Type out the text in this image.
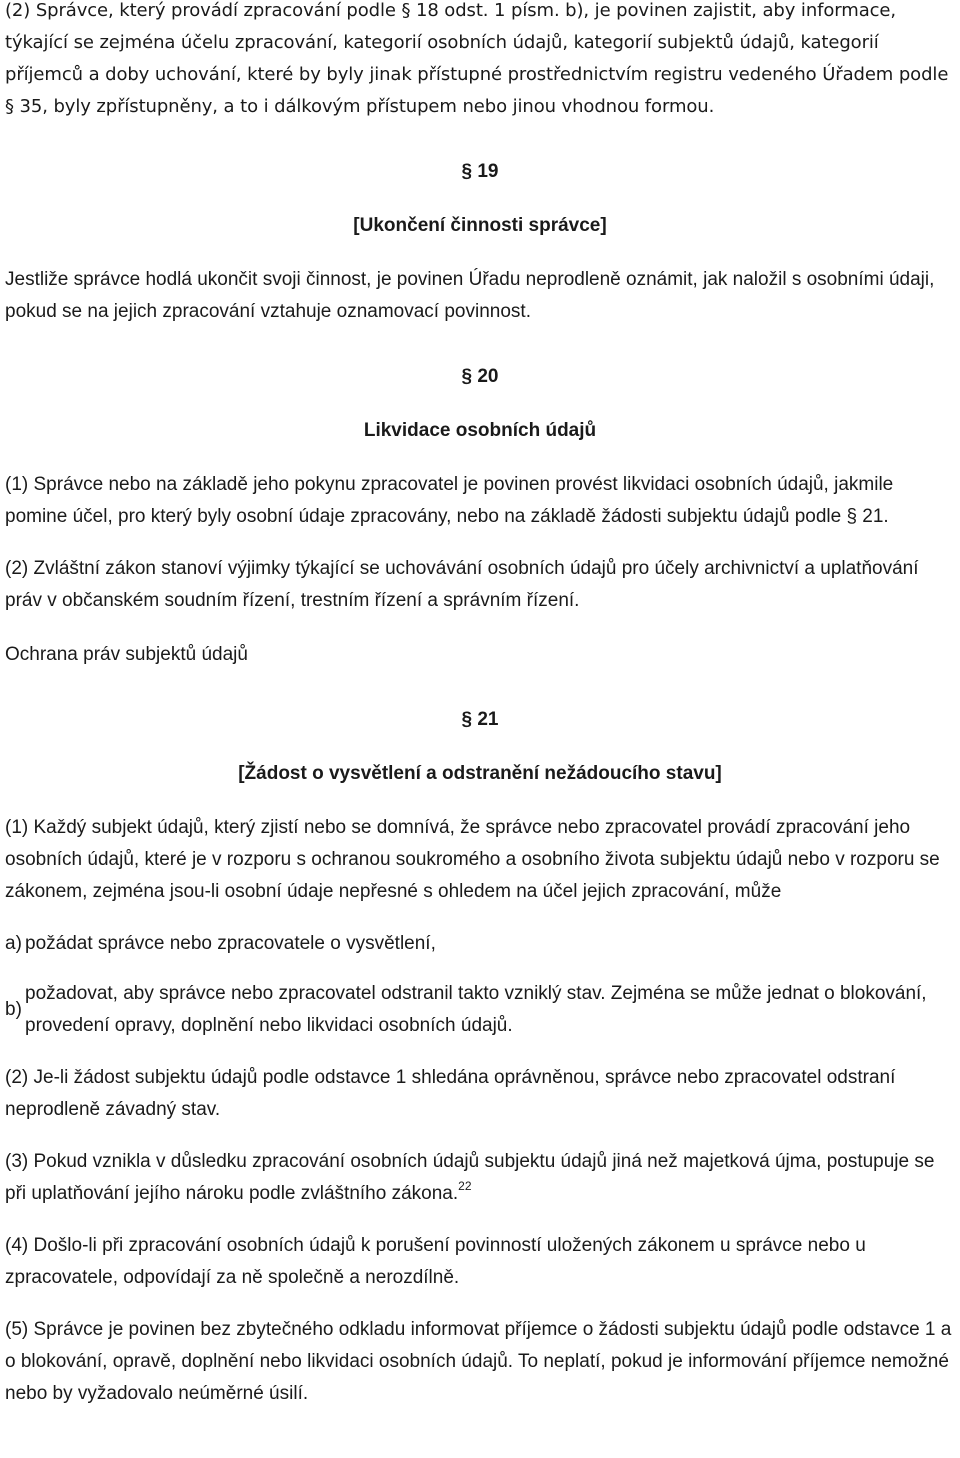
(2) Správce, který provádí zpracování podle § 18 odst. 1 písm. b), je povinen zajistit, aby informace, týkající se zejména účelu zpracování, kategorií osobních údajů, kategorií subjektů údajů, kategorií příjemců a doby uchování, které by byly jinak přístupné prostřednictvím registru vedeného Úřadem podle § 35, byly zpřístupněny, a to i dálkovým přístupem nebo jinou vhodnou formou.

§ 19

[Ukončení činnosti správce]

Jestliže správce hodlá ukončit svoji činnost, je povinen Úřadu neprodleně oznámit, jak naložil s osobními údaji, pokud se na jejich zpracování vztahuje oznamovací povinnost.

§ 20

Likvidace osobních údajů

(1) Správce nebo na základě jeho pokynu zpracovatel je povinen provést likvidaci osobních údajů, jakmile pomine účel, pro který byly osobní údaje zpracovány, nebo na základě žádosti subjektu údajů podle § 21.

(2) Zvláštní zákon stanoví výjimky týkající se uchovávání osobních údajů pro účely archivnictví a uplatňování práv v občanském soudním řízení, trestním řízení a správním řízení.

Ochrana práv subjektů údajů

§ 21

[Žádost o vysvětlení a odstranění nežádoucího stavu]

(1) Každý subjekt údajů, který zjistí nebo se domnívá, že správce nebo zpracovatel provádí zpracování jeho osobních údajů, které je v rozporu s ochranou soukromého a osobního života subjektu údajů nebo v rozporu se zákonem, zejména jsou-li osobní údaje nepřesné s ohledem na účel jejich zpracování, může

a) požádat správce nebo zpracovatele o vysvětlení,
b)
požadovat, aby správce nebo zpracovatel odstranil takto vzniklý stav. Zejména se může jednat o blokování, provedení opravy, doplnění nebo likvidaci osobních údajů.

(2) Je-li žádost subjektu údajů podle odstavce 1 shledána oprávněnou, správce nebo zpracovatel odstraní neprodleně závadný stav.

(3) Pokud vznikla v důsledku zpracování osobních údajů subjektu údajů jiná než majetková újma, postupuje se při uplatňování jejího nároku podle zvláštního zákona.$^{22}$

(4) Došlo-li při zpracování osobních údajů k porušení povinností uložených zákonem u správce nebo u zpracovatele, odpovídají za ně společně a nerozdílně.

(5) Správce je povinen bez zbytečného odkladu informovat příjemce o žádosti subjektu údajů podle odstavce 1 a o blokování, opravě, doplnění nebo likvidaci osobních údajů. To neplatí, pokud je informování příjemce nemožné nebo by vyžadovalo neúměrné úsilí.
